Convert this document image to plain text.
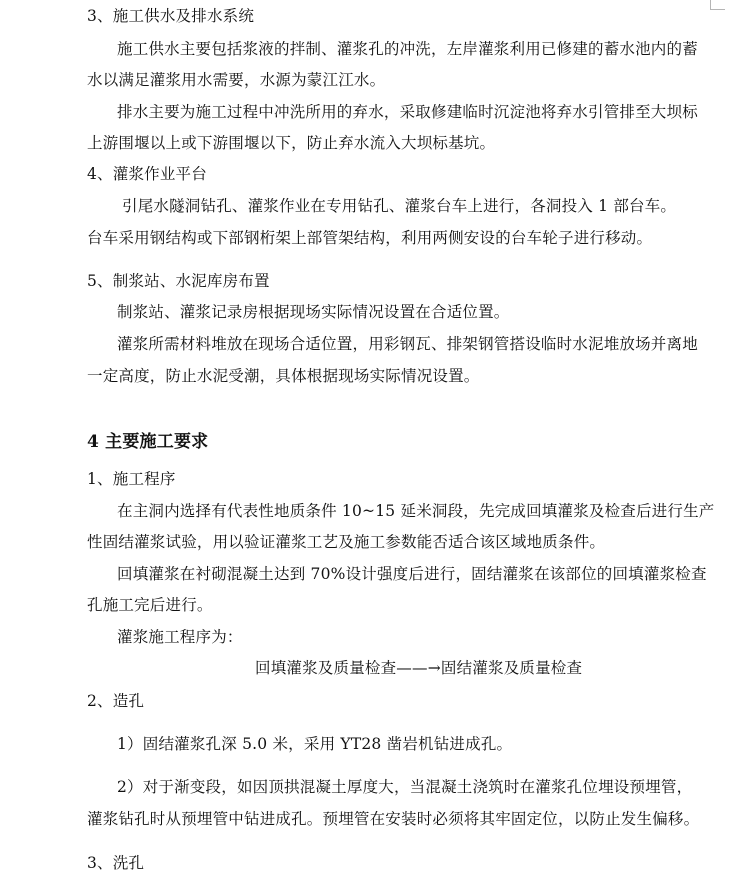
3、施工供水及排水系统
施工供水主要包括浆液的拌制、灌浆孔的冲洗，左岸灌浆利用已修建的蓄水池内的蓄
水以满足灌浆用水需要，水源为蒙江江水。
排水主要为施工过程中冲洗所用的弃水，采取修建临时沉淀池将弃水引管排至大坝标
上游围堰以上或下游围堰以下，防止弃水流入大坝标基坑。
4、灌浆作业平台
引尾水隧洞钻孔、灌浆作业在专用钻孔、灌浆台车上进行，各洞投入 1 部台车。
台车采用钢结构或下部钢桁架上部管架结构，利用两侧安设的台车轮子进行移动。
5、制浆站、水泥库房布置
制浆站、灌浆记录房根据现场实际情况设置在合适位置。
灌浆所需材料堆放在现场合适位置，用彩钢瓦、排架钢管搭设临时水泥堆放场并离地
一定高度，防止水泥受潮，具体根据现场实际情况设置。
4 主要施工要求
1、施工程序
在主洞内选择有代表性地质条件 10~15 延米洞段，先完成回填灌浆及检查后进行生产
性固结灌浆试验，用以验证灌浆工艺及施工参数能否适合该区域地质条件。
回填灌浆在衬砌混凝土达到 70%设计强度后进行，固结灌浆在该部位的回填灌浆检查
孔施工完后进行。
灌浆施工程序为：
回填灌浆及质量检查——→固结灌浆及质量检查
2、造孔
1）固结灌浆孔深 5.0 米，采用 YT28 凿岩机钻进成孔。
2）对于渐变段，如因顶拱混凝土厚度大，当混凝土浇筑时在灌浆孔位埋设预埋管，
灌浆钻孔时从预埋管中钻进成孔。预埋管在安装时必须将其牢固定位，以防止发生偏移。
3、洗孔
